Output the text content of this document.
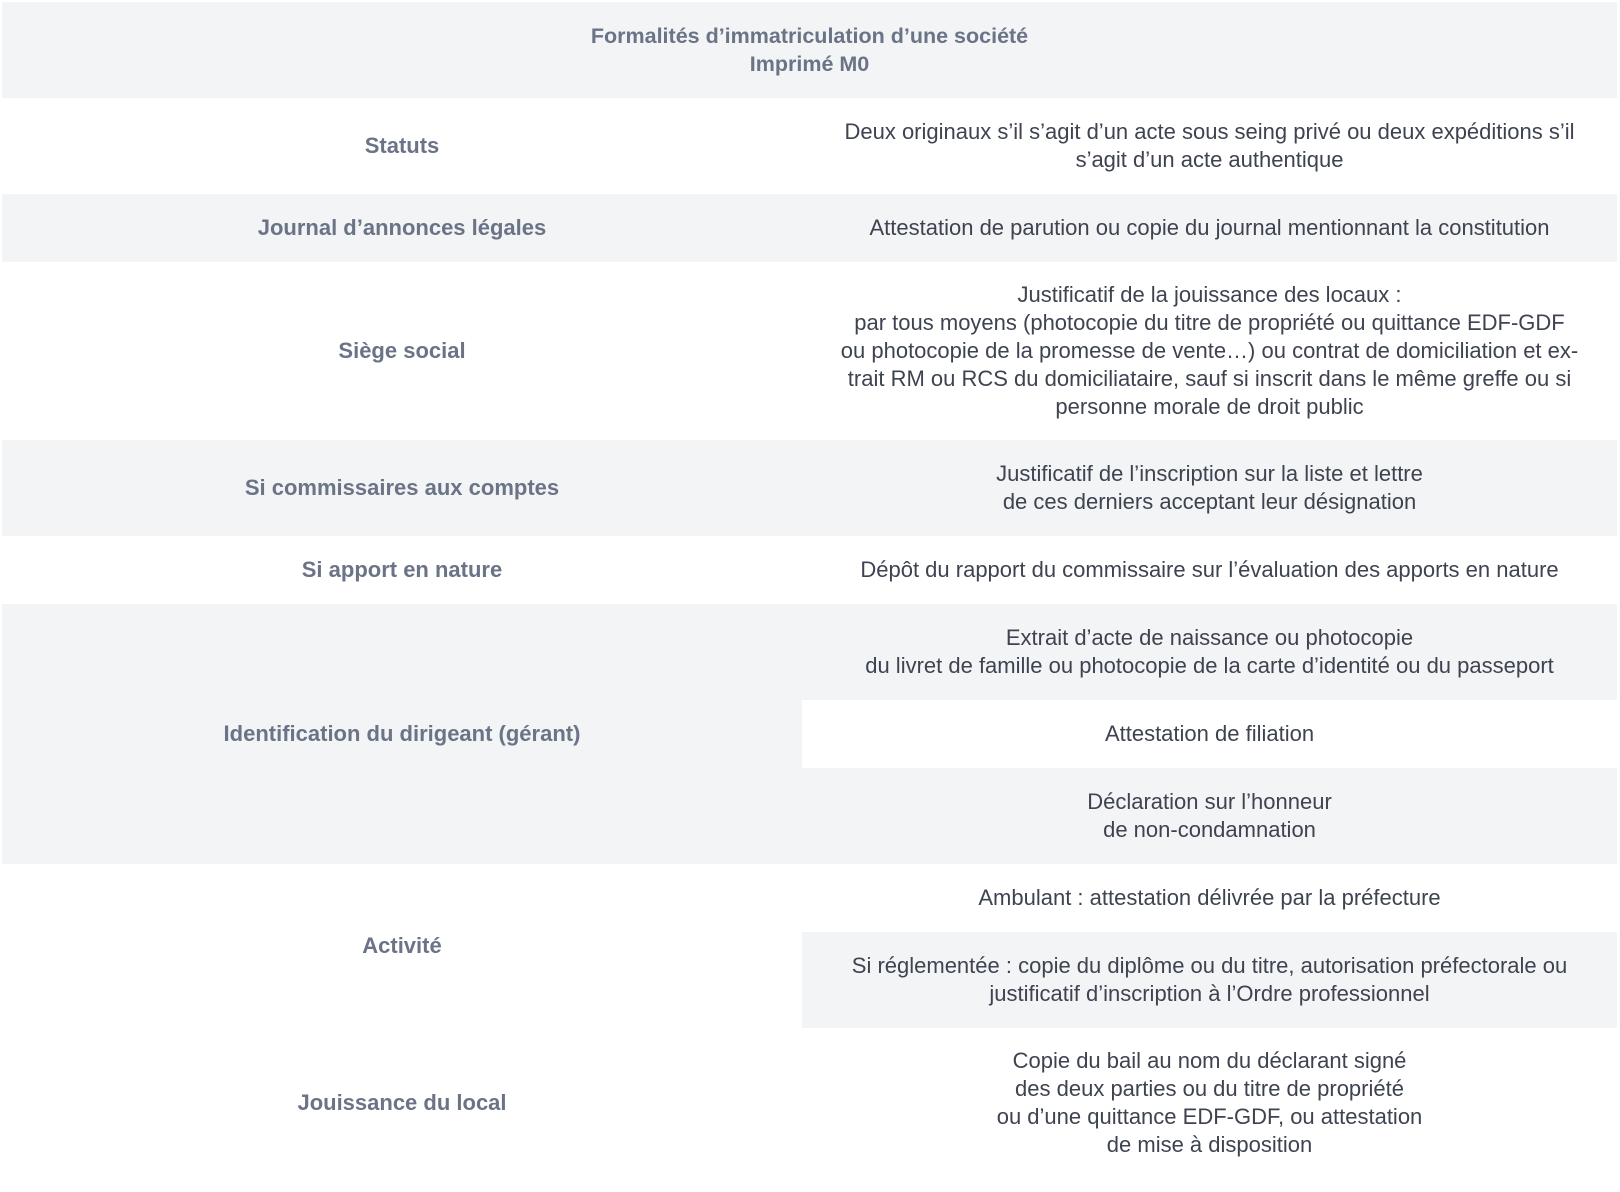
Formalités d’immatriculation d’une société
Imprimé M0	

Statuts	Deux originaux s’il s’agit d’un acte sous seing privé ou deux expéditions s’il
s’agit d’un acte authentique

Journal d’annonces légales	Attestation de parution ou copie du journal mentionnant la constitution

Siège social	Justificatif de la jouissance des locaux :
par tous moyens (photocopie du titre de propriété ou quittance EDF-GDF
ou photocopie de la promesse de vente…) ou contrat de domiciliation et ex-
trait RM ou RCS du domiciliataire, sauf si inscrit dans le même greffe ou si
personne morale de droit public

Si commissaires aux comptes	Justificatif de l’inscription sur la liste et lettre
de ces derniers acceptant leur désignation

Si apport en nature	Dépôt du rapport du commissaire sur l’évaluation des apports en nature

Identification du dirigeant (gérant)	Extrait d’acte de naissance ou photocopie
du livret de famille ou photocopie de la carte d’identité ou du passeport

	Attestation de filiation

	Déclaration sur l’honneur
de non-condamnation

Activité	Ambulant : attestation délivrée par la préfecture

	Si réglementée : copie du diplôme ou du titre, autorisation préfectorale ou
justificatif d’inscription à l’Ordre professionnel

Jouissance du local	Copie du bail au nom du déclarant signé
des deux parties ou du titre de propriété
ou d’une quittance EDF-GDF, ou attestation
de mise à disposition
